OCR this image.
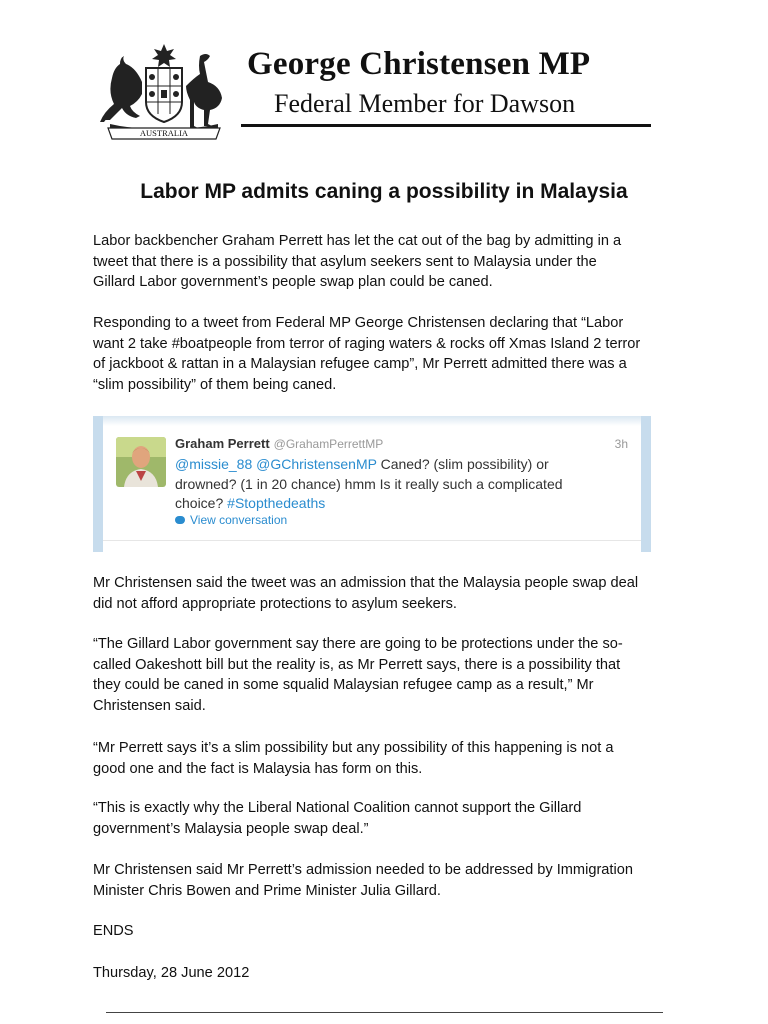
AUSTRALIA
George Christensen MP
Federal Member for Dawson
Labor MP admits caning a possibility in Malaysia

Labor backbencher Graham Perrett has let the cat out of the bag by admitting in a

tweet that there is a possibility that asylum seekers sent to Malaysia under the

Gillard Labor government’s people swap plan could be caned.

Responding to a tweet from Federal MP George Christensen declaring that “Labor

want 2 take #boatpeople from terror of raging waters & rocks off Xmas Island 2 terror

of jackboot & rattan in a Malaysian refugee camp”, Mr Perrett admitted there was a

“slim possibility” of them being caned.

Graham Perrett @GrahamPerrettMP	3h
@missie_88 @GChristensenMP Caned? (slim possibility) or
drowned? (1 in 20 chance) hmm Is it really such a complicated
choice? #Stopthedeaths
View conversation

Mr Christensen said the tweet was an admission that the Malaysia people swap deal

did not afford appropriate protections to asylum seekers.

“The Gillard Labor government say there are going to be protections under the so-

called Oakeshott bill but the reality is, as Mr Perrett says, there is a possibility that

they could be caned in some squalid Malaysian refugee camp as a result,” Mr

Christensen said.

“Mr Perrett says it’s a slim possibility but any possibility of this happening is not a

good one and the fact is Malaysia has form on this.

“This is exactly why the Liberal National Coalition cannot support the Gillard

government’s Malaysia people swap deal.”

Mr Christensen said Mr Perrett’s admission needed to be addressed by Immigration

Minister Chris Bowen and Prime Minister Julia Gillard.

ENDS

Thursday, 28 June 2012
